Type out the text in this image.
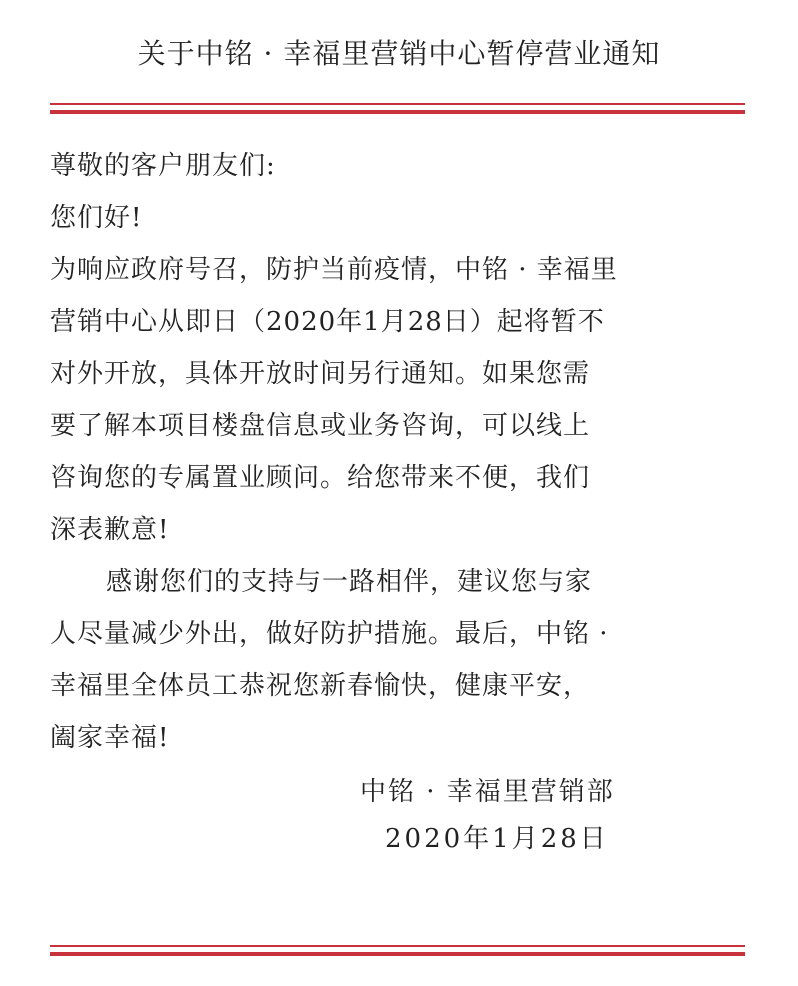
关于中铭 · 幸福里营销中心暂停营业通知
尊敬的客户朋友们:
您们好!
为响应政府号召，防护当前疫情，中铭 · 幸福里
营销中心从即日（2020年1月28日）起将暂不
对外开放，具体开放时间另行通知。如果您需
要了解本项目楼盘信息或业务咨询，可以线上
咨询您的专属置业顾问。给您带来不便，我们
深表歉意!
感谢您们的支持与一路相伴，建议您与家
人尽量减少外出，做好防护措施。最后，中铭 ·
幸福里全体员工恭祝您新春愉快，健康平安，
阖家幸福!
中铭 · 幸福里营销部
2020年1月28日
